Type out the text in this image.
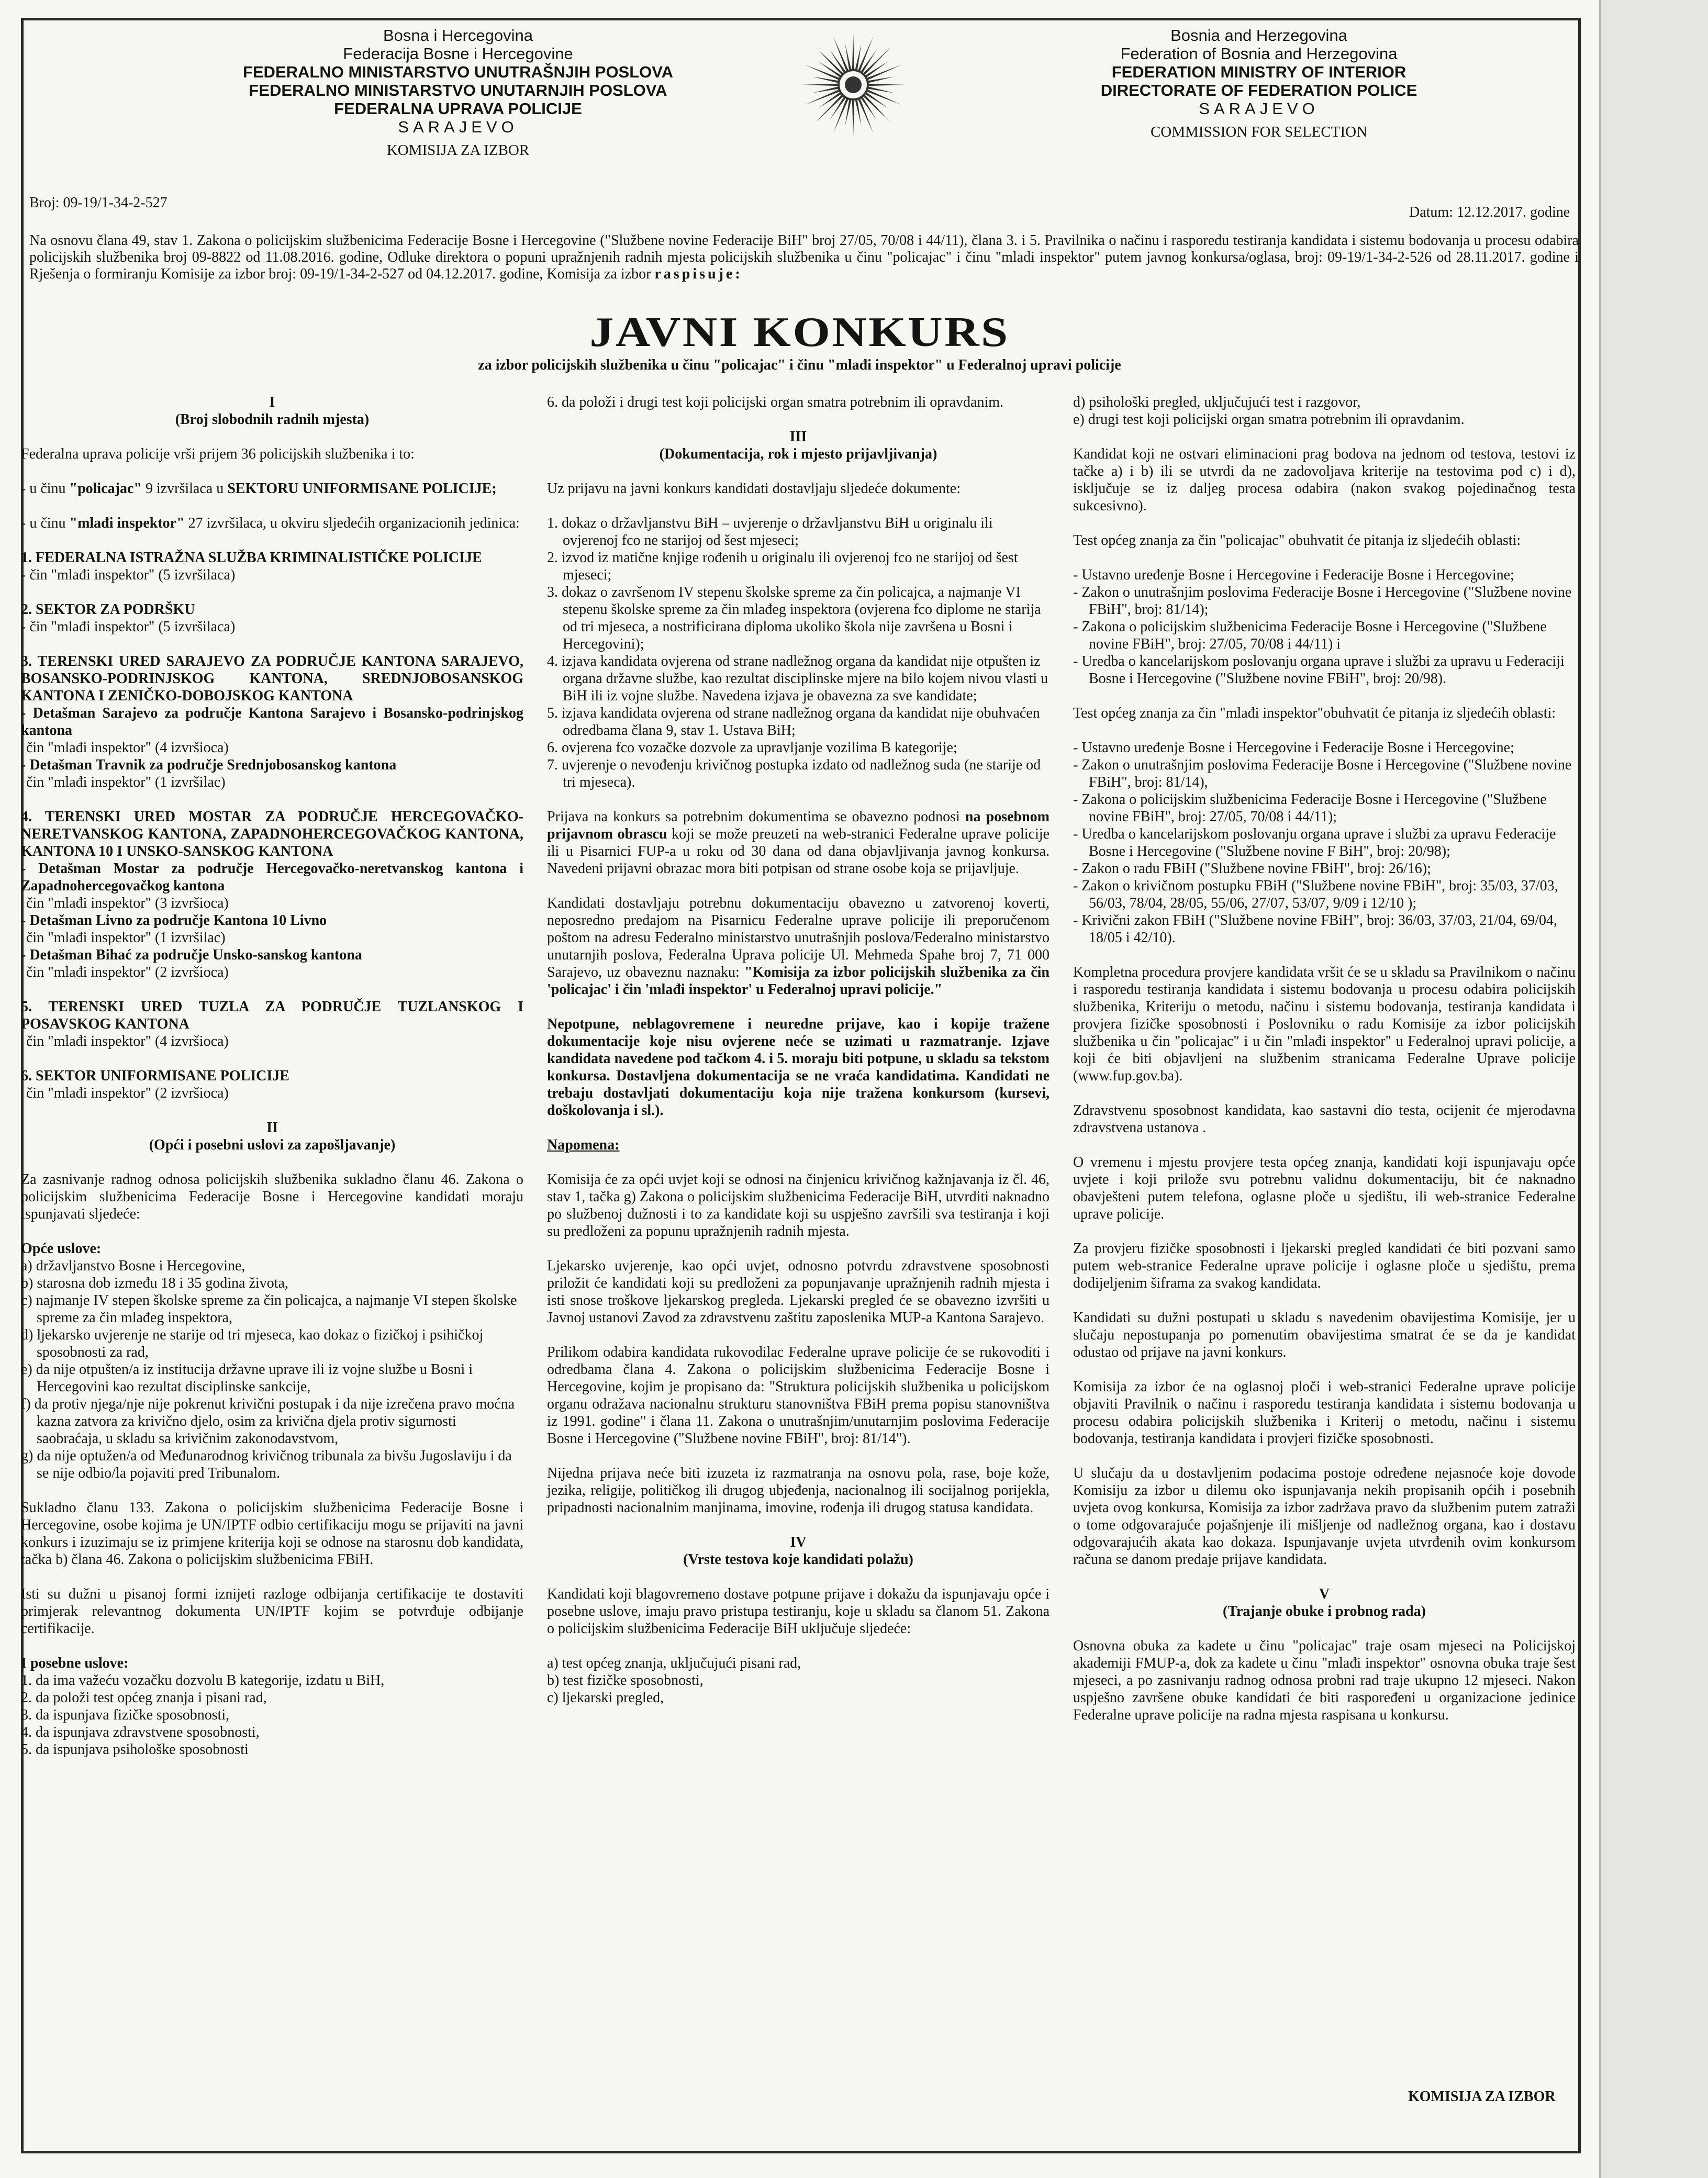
Bosna i Hercegovina
Federacija Bosne i Hercegovine
FEDERALNO MINISTARSTVO UNUTRAŠNJIH POSLOVA
FEDERALNO MINISTARSTVO UNUTARNJIH POSLOVA
FEDERALNA UPRAVA POLICIJE
SARAJEVO
KOMISIJA ZA IZBOR
Bosnia and Herzegovina
Federation of Bosnia and Herzegovina
FEDERATION MINISTRY OF INTERIOR
DIRECTORATE OF FEDERATION POLICE
SARAJEVO
COMMISSION FOR SELECTION
Broj: 09-19/1-34-2-527
Datum: 12.12.2017. godine
Na osnovu člana 49, stav 1. Zakona o policijskim službenicima Federacije Bosne i Hercegovine ("Službene novine Federacije BiH" broj 27/05, 70/08 i 44/11), člana 3. i 5. Pravilnika o načinu i rasporedu testiranja kandidata i sistemu bodovanja u procesu odabira policijskih službenika broj 09-8822 od 11.08.2016. godine, Odluke direktora o popuni upražnjenih radnih mjesta policijskih službenika u činu "policajac" i činu "mladi inspektor" putem javnog konkursa/oglasa, broj: 09-19/1-34-2-526 od 28.11.2017. godine i Rješenja o formiranju Komisije za izbor broj: 09-19/1-34-2-527 od 04.12.2017. godine, Komisija za izbor raspisuje:
JAVNI KONKURS
za izbor policijskih službenika u činu "policajac" i činu "mlađi inspektor" u Federalnoj upravi policije
I
(Broj slobodnih radnih mjesta)

Federalna uprava policije vrši prijem 36 policijskih službenika i to:

- u činu "policajac" 9 izvršilaca u SEKTORU UNIFORMISANE POLICIJE;

- u činu "mlađi inspektor" 27 izvršilaca, u okviru sljedećih organizacionih jedinica:

1. FEDERALNA ISTRAŽNA SLUŽBA KRIMINALISTIČKE POLICIJE

- čin "mlađi inspektor" (5 izvršilaca)

2. SEKTOR ZA PODRŠKU

- čin "mlađi inspektor" (5 izvršilaca)

3. TERENSKI URED SARAJEVO ZA PODRUČJE KANTONA SARAJEVO, BOSANSKO-PODRINJSKOG KANTONA, SREDNJOBOSANSKOG KANTONA I ZENIČKO-DOBOJSKOG KANTONA

- Detašman Sarajevo za područje Kantona Sarajevo i Bosansko-podrinjskog kantona

čin "mlađi inspektor" (4 izvršioca)

- Detašman Travnik za područje Srednjobosanskog kantona

čin "mlađi inspektor" (1 izvršilac)

4. TERENSKI URED MOSTAR ZA PODRUČJE HERCEGOVAČKO-NERETVANSKOG KANTONA, ZAPADNOHERCEGOVAČKOG KANTONA, KANTONA 10 I UNSKO-SANSKOG KANTONA

- Detašman Mostar za područje Hercegovačko-neretvanskog kantona i Zapadnohercegovačkog kantona

čin "mlađi inspektor" (3 izvršioca)

- Detašman Livno za područje Kantona 10 Livno

čin "mlađi inspektor" (1 izvršilac)

- Detašman Bihać za područje Unsko-sanskog kantona

čin "mlađi inspektor" (2 izvršioca)

5. TERENSKI URED TUZLA ZA PODRUČJE TUZLANSKOG I POSAVSKOG KANTONA

čin "mlađi inspektor" (4 izvršioca)

6. SEKTOR UNIFORMISANE POLICIJE

čin "mlađi inspektor" (2 izvršioca)

II
(Opći i posebni uslovi za zapošljavanje)

Za zasnivanje radnog odnosa policijskih službenika sukladno članu 46. Zakona o policijskim službenicima Federacije Bosne i Hercegovine kandidati moraju ispunjavati sljedeće:

Opće uslove:

a) državljanstvo Bosne i Hercegovine,

b) starosna dob između 18 i 35 godina života,

c) najmanje IV stepen školske spreme za čin policajca, a najmanje VI stepen školske spreme za čin mlađeg inspektora,

d) ljekarsko uvjerenje ne starije od tri mjeseca, kao dokaz o fizičkoj i psihičkoj sposobnosti za rad,

e) da nije otpušten/a iz institucija državne uprave ili iz vojne službe u Bosni i Hercegovini kao rezultat disciplinske sankcije,

f) da protiv njega/nje nije pokrenut krivični postupak i da nije izrečena pravo moćna kazna zatvora za krivično djelo, osim za krivična djela protiv sigurnosti saobraćaja, u skladu sa krivičnim zakonodavstvom,

g) da nije optužen/a od Međunarodnog krivičnog tribunala za bivšu Jugoslaviju i da se nije odbio/la pojaviti pred Tribunalom.

Sukladno članu 133. Zakona o policijskim službenicima Federacije Bosne i Hercegovine, osobe kojima je UN/IPTF odbio certifikaciju mogu se prijaviti na javni konkurs i izuzimaju se iz primjene kriterija koji se odnose na starosnu dob kandidata, tačka b) člana 46. Zakona o policijskim službenicima FBiH.

Isti su dužni u pisanoj formi iznijeti razloge odbijanja certifikacije te dostaviti primjerak relevantnog dokumenta UN/IPTF kojim se potvrđuje odbijanje certifikacije.

I posebne uslove:

1. da ima važeću vozačku dozvolu B kategorije, izdatu u BiH,

2. da položi test općeg znanja i pisani rad,

3. da ispunjava fizičke sposobnosti,

4. da ispunjava zdravstvene sposobnosti,

5. da ispunjava psihološke sposobnosti

6. da položi i drugi test koji policijski organ smatra potrebnim ili opravdanim.

III
(Dokumentacija, rok i mjesto prijavljivanja)

Uz prijavu na javni konkurs kandidati dostavljaju sljedeće dokumente:

1. dokaz o državljanstvu BiH – uvjerenje o državljanstvu BiH u originalu ili ovjerenoj fco ne starijoj od šest mjeseci;

2. izvod iz matične knjige rođenih u originalu ili ovjerenoj fco ne starijoj od šest mjeseci;

3. dokaz o završenom IV stepenu školske spreme za čin policajca, a najmanje VI stepenu školske spreme za čin mlađeg inspektora (ovjerena fco diplome ne starija od tri mjeseca, a nostrificirana diploma ukoliko škola nije završena u Bosni i Hercegovini);

4. izjava kandidata ovjerena od strane nadležnog organa da kandidat nije otpušten iz organa državne službe, kao rezultat disciplinske mjere na bilo kojem nivou vlasti u BiH ili iz vojne službe. Navedena izjava je obavezna za sve kandidate;

5. izjava kandidata ovjerena od strane nadležnog organa da kandidat nije obuhvaćen odredbama člana 9, stav 1. Ustava BiH;

6. ovjerena fco vozačke dozvole za upravljanje vozilima B kategorije;

7. uvjerenje o nevođenju krivičnog postupka izdato od nadležnog suda (ne starije od tri mjeseca).

Prijava na konkurs sa potrebnim dokumentima se obavezno podnosi na posebnom prijavnom obrascu koji se može preuzeti na web-stranici Federalne uprave policije ili u Pisarnici FUP-a u roku od 30 dana od dana objavljivanja javnog konkursa. Navedeni prijavni obrazac mora biti potpisan od strane osobe koja se prijavljuje.

Kandidati dostavljaju potrebnu dokumentaciju obavezno u zatvorenoj koverti, neposredno predajom na Pisarnicu Federalne uprave policije ili preporučenom poštom na adresu Federalno ministarstvo unutrašnjih poslova/Federalno ministarstvo unutarnjih poslova, Federalna Uprava policije Ul. Mehmeda Spahe broj 7, 71 000 Sarajevo, uz obaveznu naznaku: "Komisija za izbor policijskih službenika za čin 'policajac' i čin 'mlađi inspektor' u Federalnoj upravi policije."

Nepotpune, neblagovremene i neuredne prijave, kao i kopije tražene dokumentacije koje nisu ovjerene neće se uzimati u razmatranje. Izjave kandidata navedene pod tačkom 4. i 5. moraju biti potpune, u skladu sa tekstom konkursa. Dostavljena dokumentacija se ne vraća kandidatima. Kandidati ne trebaju dostavljati dokumentaciju koja nije tražena konkursom (kursevi, doškolovanja i sl.).

Napomena:

Komisija će za opći uvjet koji se odnosi na činjenicu krivičnog kažnjavanja iz čl. 46, stav 1, tačka g) Zakona o policijskim službenicima Federacije BiH, utvrditi naknadno po službenoj dužnosti i to za kandidate koji su uspješno završili sva testiranja i koji su predloženi za popunu upražnjenih radnih mjesta.

Ljekarsko uvjerenje, kao opći uvjet, odnosno potvrdu zdravstvene sposobnosti priložit će kandidati koji su predloženi za popunjavanje upražnjenih radnih mjesta i isti snose troškove ljekarskog pregleda. Ljekarski pregled će se obavezno izvršiti u Javnoj ustanovi Zavod za zdravstvenu zaštitu zaposlenika MUP-a Kantona Sarajevo.

Prilikom odabira kandidata rukovodilac Federalne uprave policije će se rukovoditi i odredbama člana 4. Zakona o policijskim službenicima Federacije Bosne i Hercegovine, kojim je propisano da: "Struktura policijskih službenika u policijskom organu odražava nacionalnu strukturu stanovništva FBiH prema popisu stanovništva iz 1991. godine" i člana 11. Zakona o unutrašnjim/unutarnjim poslovima Federacije Bosne i Hercegovine ("Službene novine FBiH", broj: 81/14").

Nijedna prijava neće biti izuzeta iz razmatranja na osnovu pola, rase, boje kože, jezika, religije, političkog ili drugog ubjeđenja, nacionalnog ili socijalnog porijekla, pripadnosti nacionalnim manjinama, imovine, rođenja ili drugog statusa kandidata.

IV
(Vrste testova koje kandidati polažu)

Kandidati koji blagovremeno dostave potpune prijave i dokažu da ispunjavaju opće i posebne uslove, imaju pravo pristupa testiranju, koje u skladu sa članom 51. Zakona o policijskim službenicima Federacije BiH uključuje sljedeće:

a) test općeg znanja, uključujući pisani rad,

b) test fizičke sposobnosti,

c) ljekarski pregled,

d) psihološki pregled, uključujući test i razgovor,

e) drugi test koji policijski organ smatra potrebnim ili opravdanim.

Kandidat koji ne ostvari eliminacioni prag bodova na jednom od testova, testovi iz tačke a) i b) ili se utvrdi da ne zadovoljava kriterije na testovima pod c) i d), isključuje se iz daljeg procesa odabira (nakon svakog pojedinačnog testa sukcesivno).

Test općeg znanja za čin "policajac" obuhvatit će pitanja iz sljedećih oblasti:

- Ustavno uređenje Bosne i Hercegovine i Federacije Bosne i Hercegovine;

- Zakon o unutrašnjim poslovima Federacije Bosne i Hercegovine ("Službene novine FBiH", broj: 81/14);

- Zakona o policijskim službenicima Federacije Bosne i Hercegovine ("Službene novine FBiH", broj: 27/05, 70/08 i 44/11) i

- Uredba o kancelarijskom poslovanju organa uprave i službi za upravu u Federaciji Bosne i Hercegovine ("Službene novine FBiH", broj: 20/98).

Test općeg znanja za čin "mlađi inspektor"obuhvatit će pitanja iz sljedećih oblasti:

- Ustavno uređenje Bosne i Hercegovine i Federacije Bosne i Hercegovine;

- Zakon o unutrašnjim poslovima Federacije Bosne i Hercegovine ("Službene novine FBiH", broj: 81/14),

- Zakona o policijskim službenicima Federacije Bosne i Hercegovine ("Službene novine FBiH", broj: 27/05, 70/08 i 44/11);

- Uredba o kancelarijskom poslovanju organa uprave i službi za upravu Federacije Bosne i Hercegovine ("Službene novine F BiH", broj: 20/98);

- Zakon o radu FBiH ("Službene novine FBiH", broj: 26/16);

- Zakon o krivičnom postupku FBiH ("Službene novine FBiH", broj: 35/03, 37/03, 56/03, 78/04, 28/05, 55/06, 27/07, 53/07, 9/09 i 12/10 );

- Krivični zakon FBiH ("Službene novine FBiH", broj: 36/03, 37/03, 21/04, 69/04, 18/05 i 42/10).

Kompletna procedura provjere kandidata vršit će se u skladu sa Pravilnikom o načinu i rasporedu testiranja kandidata i sistemu bodovanja u procesu odabira policijskih službenika, Kriteriju o metodu, načinu i sistemu bodovanja, testiranja kandidata i provjera fizičke sposobnosti i Poslovniku o radu Komisije za izbor policijskih službenika u čin "policajac" i u čin "mlađi inspektor" u Federalnoj upravi policije, a koji će biti objavljeni na službenim stranicama Federalne Uprave policije (www.fup.gov.ba).

Zdravstvenu sposobnost kandidata, kao sastavni dio testa, ocijenit će mjerodavna zdravstvena ustanova .

O vremenu i mjestu provjere testa općeg znanja, kandidati koji ispunjavaju opće uvjete i koji prilože svu potrebnu validnu dokumentaciju, bit će naknadno obavještenі putem telefona, oglasne ploče u sjedištu, ili web-stranice Federalne uprave policije.

Za provjeru fizičke sposobnosti i ljekarski pregled kandidati će biti pozvani samo putem web-stranice Federalne uprave policije i oglasne ploče u sjedištu, prema dodijeljenim šiframa za svakog kandidata.

Kandidati su dužni postupati u skladu s navedenim obavijestima Komisije, jer u slučaju nepostupanja po pomenutim obavijestima smatrat će se da je kandidat odustao od prijave na javni konkurs.

Komisija za izbor će na oglasnoj ploči i web-stranici Federalne uprave policije objaviti Pravilnik o načinu i rasporedu testiranja kandidata i sistemu bodovanja u procesu odabira policijskih službenika i Kriterij o metodu, načinu i sistemu bodovanja, testiranja kandidata i provjeri fizičke sposobnosti.

U slučaju da u dostavljenim podacima postoje određene nejasnoće koje dovode Komisiju za izbor u dilemu oko ispunjavanja nekih propisanih općih i posebnih uvjeta ovog konkursa, Komisija za izbor zadržava pravo da službenim putem zatraži o tome odgovarajuće pojašnjenje ili mišljenje od nadležnog organa, kao i dostavu odgovarajućih akata kao dokaza. Ispunjavanje uvjeta utvrđenih ovim konkursom računa se danom predaje prijave kandidata.

V
(Trajanje obuke i probnog rada)

Osnovna obuka za kadete u činu "policajac" traje osam mjeseci na Policijskoj akademiji FMUP-a, dok za kadete u činu "mlađi inspektor" osnovna obuka traje šest mjeseci, a po zasnivanju radnog odnosa probni rad traje ukupno 12 mjeseci. Nakon uspješno završene obuke kandidati će biti raspoređeni u organizacione jedinice Federalne uprave policije na radna mjesta raspisana u konkursu.

KOMISIJA ZA IZBOR
